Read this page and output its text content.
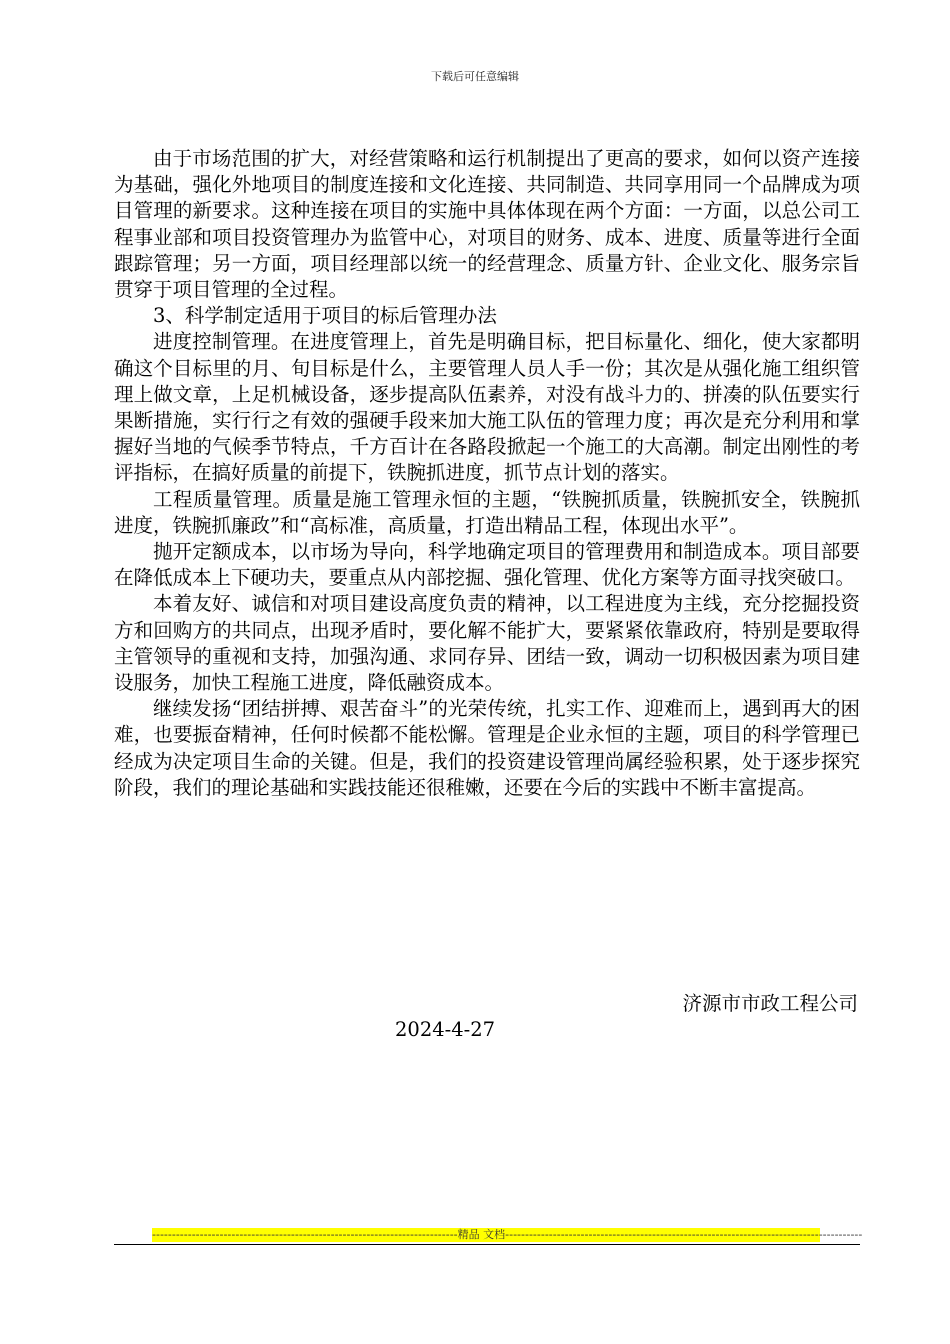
下载后可任意编辑

由于市场范围的扩大，对经营策略和运行机制提出了更高的要求，如何以资产连接为基础，强化外地项目的制度连接和文化连接、共同制造、共同享用同一个品牌成为项目管理的新要求。这种连接在项目的实施中具体体现在两个方面：一方面，以总公司工程事业部和项目投资管理办为监管中心，对项目的财务、成本、进度、质量等进行全面跟踪管理；另一方面，项目经理部以统一的经营理念、质量方针、企业文化、服务宗旨贯穿于项目管理的全过程。

3、科学制定适用于项目的标后管理办法

进度控制管理。在进度管理上，首先是明确目标，把目标量化、细化，使大家都明确这个目标里的月、旬目标是什么，主要管理人员人手一份；其次是从强化施工组织管理上做文章，上足机械设备，逐步提高队伍素养，对没有战斗力的、拼凑的队伍要实行果断措施，实行行之有效的强硬手段来加大施工队伍的管理力度；再次是充分利用和掌握好当地的气候季节特点，千方百计在各路段掀起一个施工的大高潮。制定出刚性的考评指标，在搞好质量的前提下，铁腕抓进度，抓节点计划的落实。

工程质量管理。质量是施工管理永恒的主题，“铁腕抓质量，铁腕抓安全，铁腕抓进度，铁腕抓廉政”和“高标准，高质量，打造出精品工程，体现出水平”。

抛开定额成本，以市场为导向，科学地确定项目的管理费用和制造成本。项目部要在降低成本上下硬功夫，要重点从内部挖掘、强化管理、优化方案等方面寻找突破口。

本着友好、诚信和对项目建设高度负责的精神，以工程进度为主线，充分挖掘投资方和回购方的共同点，出现矛盾时，要化解不能扩大，要紧紧依靠政府，特别是要取得主管领导的重视和支持，加强沟通、求同存异、团结一致，调动一切积极因素为项目建设服务，加快工程施工进度，降低融资成本。

继续发扬“团结拼搏、艰苦奋斗”的光荣传统，扎实工作、迎难而上，遇到再大的困难，也要振奋精神，任何时候都不能松懈。管理是企业永恒的主题，项目的科学管理已经成为决定项目生命的关键。但是，我们的投资建设管理尚属经验积累，处于逐步探究阶段，我们的理论基础和实践技能还很稚嫩，还要在今后的实践中不断丰富提高。

济源市市政工程公司
2024-4-27
-----------------------------------------------------------------------------精品 文档------------------------------------------------------------------------------------------
